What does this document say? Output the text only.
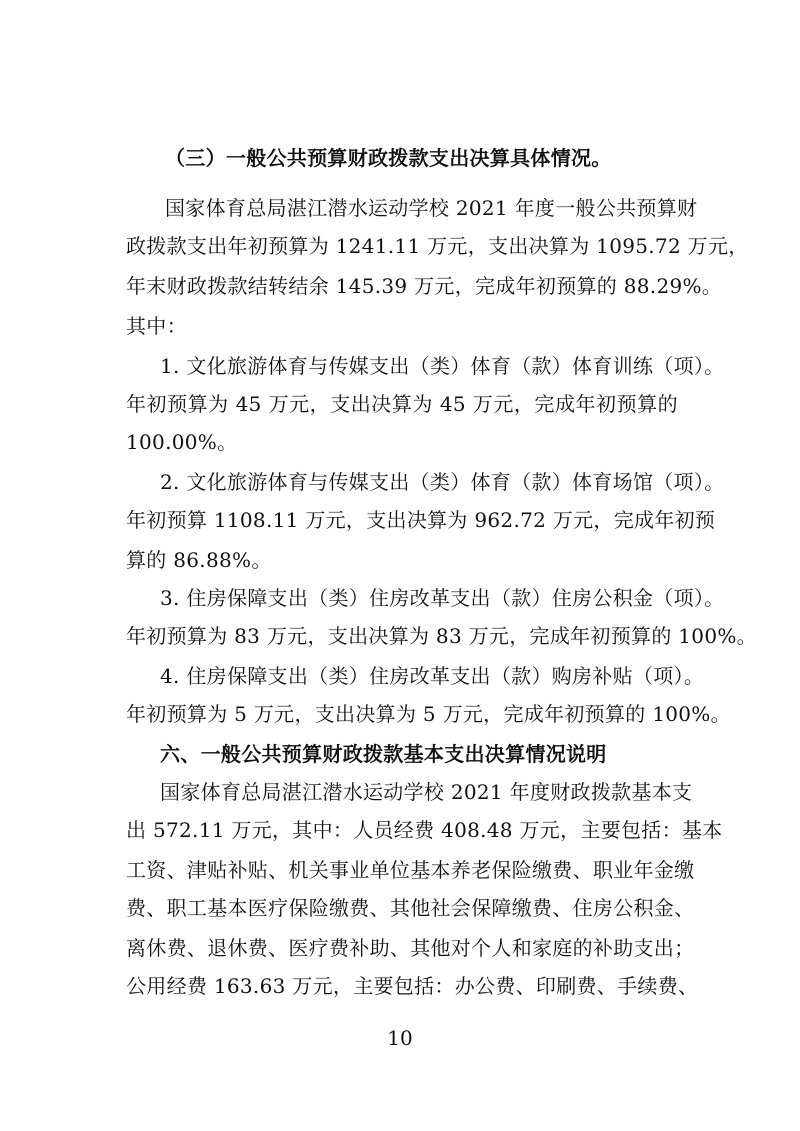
（三）一般公共预算财政拨款支出决算具体情况。
国家体育总局湛江潜水运动学校 2021 年度一般公共预算财
政拨款支出年初预算为 1241.11 万元，支出决算为 1095.72 万元，
年末财政拨款结转结余 145.39 万元，完成年初预算的 88.29%。
其中：
1. 文化旅游体育与传媒支出（类）体育（款）体育训练（项）。
年初预算为 45 万元，支出决算为 45 万元，完成年初预算的
100.00%。
2. 文化旅游体育与传媒支出（类）体育（款）体育场馆（项）。
年初预算 1108.11 万元，支出决算为 962.72 万元，完成年初预
算的 86.88%。
3. 住房保障支出（类）住房改革支出（款）住房公积金（项）。
年初预算为 83 万元，支出决算为 83 万元，完成年初预算的 100%。
4. 住房保障支出（类）住房改革支出（款）购房补贴（项）。
年初预算为 5 万元，支出决算为 5 万元，完成年初预算的 100%。
六、一般公共预算财政拨款基本支出决算情况说明
国家体育总局湛江潜水运动学校 2021 年度财政拨款基本支
出 572.11 万元，其中：人员经费 408.48 万元，主要包括：基本
工资、津贴补贴、机关事业单位基本养老保险缴费、职业年金缴
费、职工基本医疗保险缴费、其他社会保障缴费、住房公积金、
离休费、退休费、医疗费补助、其他对个人和家庭的补助支出；
公用经费 163.63 万元，主要包括：办公费、印刷费、手续费、
10
